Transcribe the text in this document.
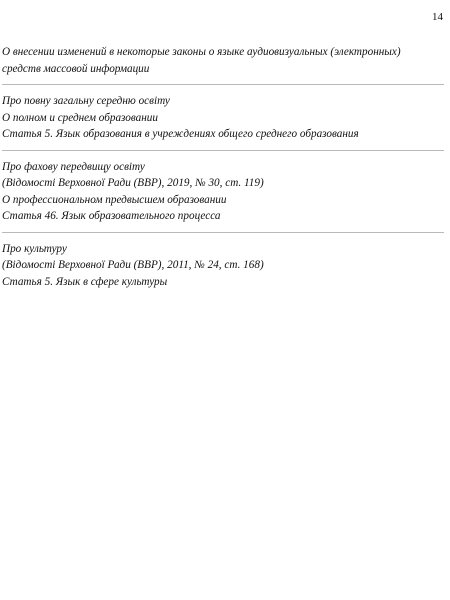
14
О внесении изменений в некоторые законы о языке аудиовизуальных (электронных)
средств массовой информации
Про повну загальну середню освіту
О полном и среднем образовании
Статья 5. Язык образования в учреждениях общего среднего образования
Про фахову передвищу освіту
(Відомості Верховної Ради (ВВР), 2019, № 30, ст. 119)
О профессиональном предвысшем образовании
Статья 46. Язык образовательного процесса
Про культуру
(Відомості Верховної Ради (ВВР), 2011, № 24, ст. 168)
Статья 5. Язык в сфере культуры
